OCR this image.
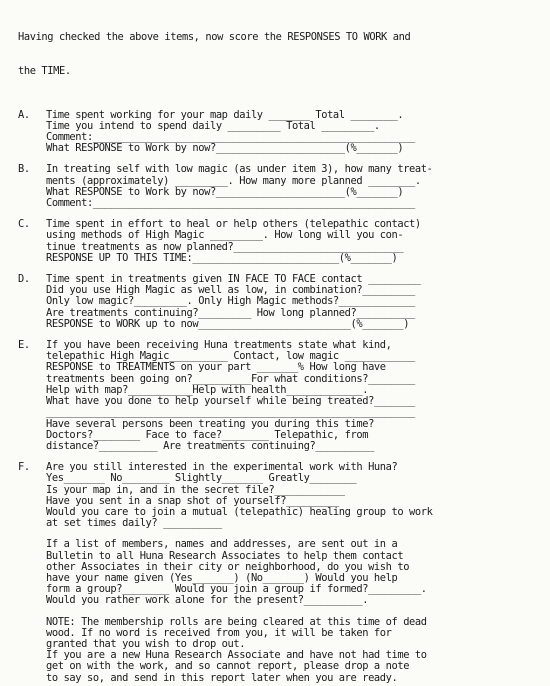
Having checked the above items, now score the RESPONSES TO WORK and

the TIME.

A.	Time spent working for your map daily _______ Total ________.
Time you intend to spend daily _________ Total _________.
Comment:_______________________________________________________
What RESPONSE to Work by now?______________________(%_______)
B.	In treating self with low magic (as under item 3), how many treat-
ments (approximately) _________. How many more planned ________.
What RESPONSE to Work by now?______________________(%_______)
Comment:_______________________________________________________
C.	Time spent in effort to heal or help others (telepathic contact)
using methods of High Magic _________. How long will you con-
tinue treatments as now planned?_____________________________
RESPONSE UP TO THIS TIME:_________________________(%_______)
D.	Time spent in treatments given IN FACE TO FACE contact _________
Did you use High Magic as well as low, in combination?_________
Only low magic?_________. Only High Magic methods?_____________
Are treatments continuing?_________ How long planned?__________
RESPONSE to WORK up to now__________________________(%_______)
E.	If you have been receiving Huna treatments state what kind,
telepathic High Magic__________ Contact, low magic ____________
RESPONSE to TREATMENTS on your part _______% How long have
treatments been going on?__________For what conditions?________
Help with map?___________Help with health_____________.
What have you done to help yourself while being treated?_______
_______________________________________________________________
Have several persons been treating you during this time?
Doctors?________ Face to face?________ Telepathic, from
distance?__________ Are treatments continuing?__________
F.	Are you still interested in the experimental work with Huna?
Yes_______ No________ Slightly_______ Greatly________
Is your map in, and in the secret file?____________
Have you sent in a snap shot of yourself?_________
Would you care to join a mutual (telepathic) healing group to work
at set times daily? __________
If a list of members, names and addresses, are sent out in a
Bulletin to all Huna Research Associates to help them contact
other Associates in their city or neighborhood, do you wish to
have your name given (Yes_______) (No_______) Would you help
form a group?________ Would you join a group if formed?_________.
Would you rather work alone for the present?__________.
NOTE: The membership rolls are being cleared at this time of dead
wood. If no word is received from you, it will be taken for
granted that you wish to drop out.
If you are a new Huna Research Associate and have not had time to
get on with the work, and so cannot report, please drop a note
to say so, and send in this report later when you are ready.
